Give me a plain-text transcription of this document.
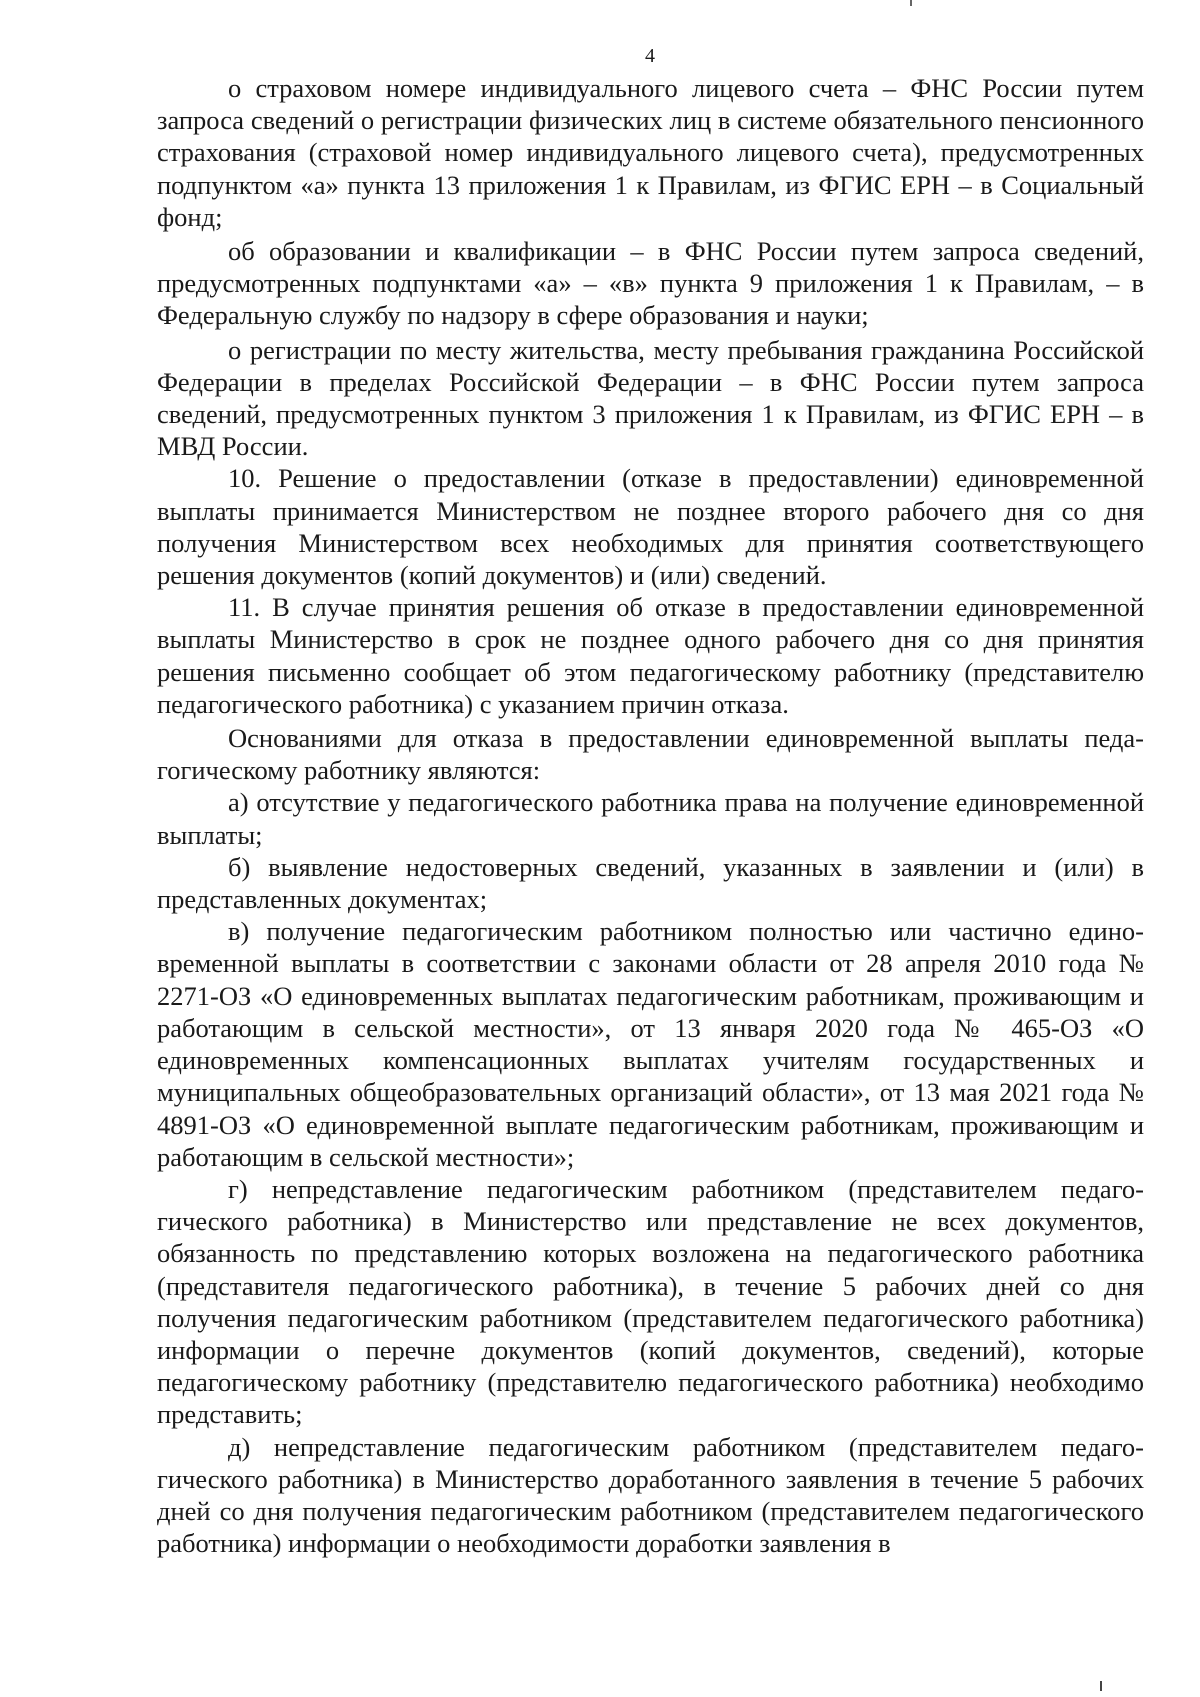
4

о страховом номере индивидуального лицевого счета – ФНС России путем запроса сведений о регистрации физических лиц в системе обязательного пенсионного страхования (страховой номер индивидуального лицевого счета), предусмотренных подпунктом «а» пункта 13 приложения 1 к Правилам, из ФГИС ЕРН – в Социальный фонд;

об образовании и квалификации – в ФНС России путем запроса сведений, предусмотренных подпунктами «а» – «в» пункта 9 приложения 1 к Правилам, – в Федеральную службу по надзору в сфере образования и науки;

о регистрации по месту жительства, месту пребывания гражданина Российской Федерации в пределах Российской Федерации – в ФНС России путем запроса сведений, предусмотренных пунктом 3 приложения 1 к Правилам, из ФГИС ЕРН – в МВД России.

10. Решение о предоставлении (отказе в предоставлении) единовременной выплаты принимается Министерством не позднее второго рабочего дня со дня получения Министерством всех необходимых для принятия соответствующего решения документов (копий документов) и (или) сведений.

11. В случае принятия решения об отказе в предоставлении единовременной выплаты Министерство в срок не позднее одного рабочего дня со дня принятия решения письменно сообщает об этом педагогическому работнику (представителю педагогического работника) с указанием причин отказа.

Основаниями для отказа в предоставлении единовременной выплаты педагогическому работнику являются:

а) отсутствие у педагогического работника права на получение единовременной выплаты;

б) выявление недостоверных сведений, указанных в заявлении и (или) в представленных документах;

в) получение педагогическим работником полностью или частично единовременной выплаты в соответствии с законами области от 28 апреля 2010 года № 2271-ОЗ «О единовременных выплатах педагогическим работникам, проживающим и работающим в сельской местности», от 13 января 2020 года № 465-ОЗ «О единовременных компенсационных выплатах учителям государственных и муниципальных общеобразовательных организаций области», от 13 мая 2021 года № 4891-ОЗ «О единовременной выплате педагогическим работникам, проживающим и работающим в сельской местности»;

г) непредставление педагогическим работником (представителем педагогического работника) в Министерство или представление не всех документов, обязанность по представлению которых возложена на педагогического работника (представителя педагогического работника), в течение 5 рабочих дней со дня получения педагогическим работником (представителем педагогического работника) информации о перечне документов (копий документов, сведений), которые педагогическому работнику (представителю педагогического работника) необходимо представить;

д) непредставление педагогическим работником (представителем педагогического работника) в Министерство доработанного заявления в течение 5 рабочих дней со дня получения педагогическим работником (представителем педагогического работника) информации о необходимости доработки заявления в
